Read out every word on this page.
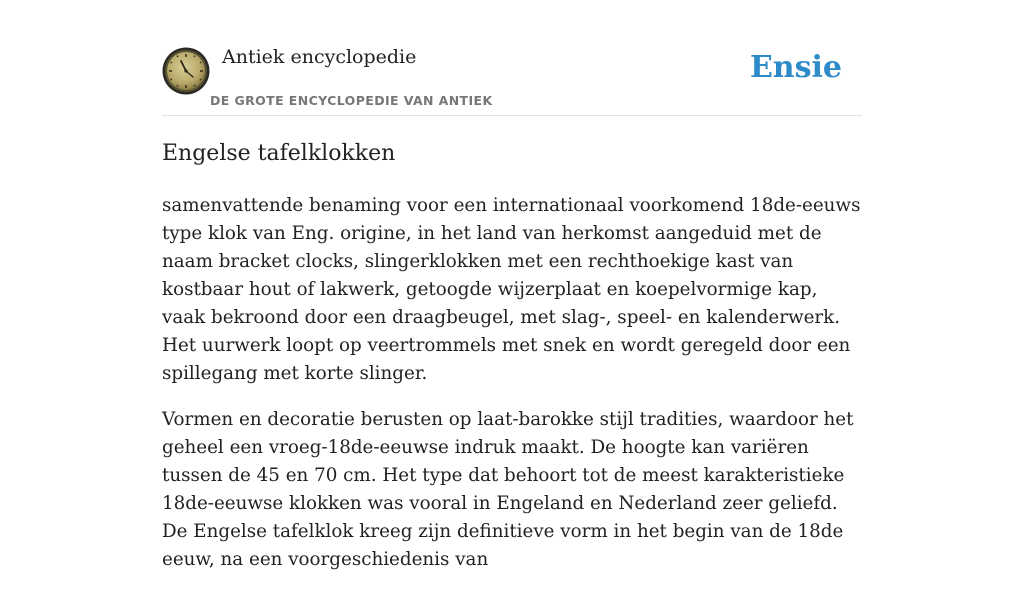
Antiek encyclopedie
DE GROTE ENCYCLOPEDIE VAN ANTIEK
Ensie
Engelse tafelklokken

samenvattende benaming voor een internationaal voorkomend 18de-eeuws type klok van Eng. origine, in het land van herkomst aangeduid met de naam bracket clocks, slingerklokken met een rechthoekige kast van kostbaar hout of lakwerk, getoogde wijzerplaat en koepelvormige kap, vaak bekroond door een draagbeugel, met slag-, speel- en kalenderwerk. Het uurwerk loopt op veertrommels met snek en wordt geregeld door een spillegang met korte slinger.

Vormen en decoratie berusten op laat-barokke stijl tradities, waardoor het geheel een vroeg-18de-eeuwse indruk maakt. De hoogte kan variëren tussen de 45 en 70 cm. Het type dat behoort tot de meest karakteristieke 18de-eeuwse klokken was vooral in Engeland en Nederland zeer geliefd. De Engelse tafelklok kreeg zijn definitieve vorm in het begin van de 18de eeuw, na een voorgeschiedenis van
